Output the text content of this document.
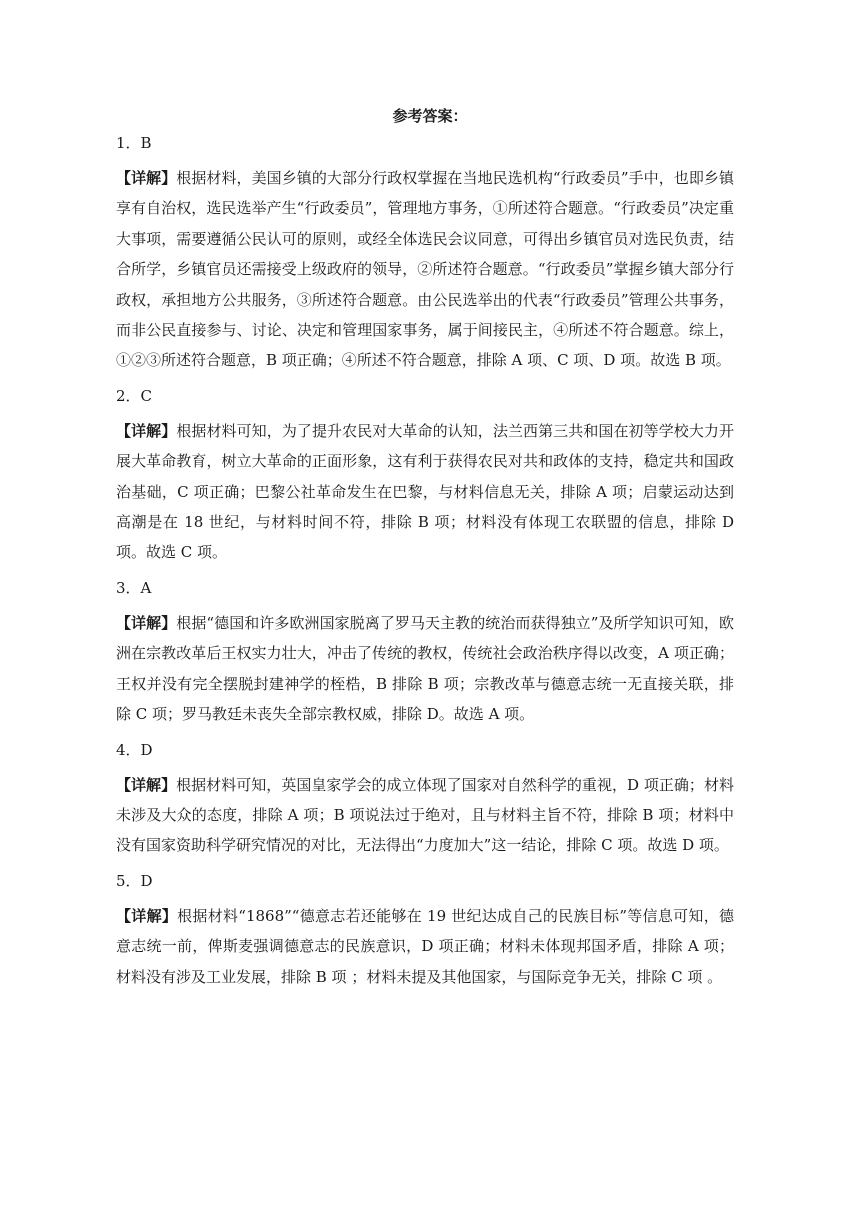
参考答案：
1．B

【详解】根据材料，美国乡镇的大部分行政权掌握在当地民选机构“行政委员”手中，也即乡镇享有自治权，选民选举产生“行政委员”，管理地方事务，①所述符合题意。“行政委员”决定重大事项，需要遵循公民认可的原则，或经全体选民会议同意，可得出乡镇官员对选民负责，结合所学，乡镇官员还需接受上级政府的领导，②所述符合题意。“行政委员”掌握乡镇大部分行政权，承担地方公共服务，③所述符合题意。由公民选举出的代表“行政委员”管理公共事务，而非公民直接参与、讨论、决定和管理国家事务，属于间接民主，④所述不符合题意。综上，①②③所述符合题意，B 项正确；④所述不符合题意，排除 A 项、C 项、D 项。故选 B 项。

2．C

【详解】根据材料可知，为了提升农民对大革命的认知，法兰西第三共和国在初等学校大力开展大革命教育，树立大革命的正面形象，这有利于获得农民对共和政体的支持，稳定共和国政治基础，C 项正确；巴黎公社革命发生在巴黎，与材料信息无关，排除 A 项；启蒙运动达到高潮是在 18 世纪，与材料时间不符，排除 B 项；材料没有体现工农联盟的信息，排除 D 项。故选 C 项。

3．A

【详解】根据“德国和许多欧洲国家脱离了罗马天主教的统治而获得独立”及所学知识可知，欧洲在宗教改革后王权实力壮大，冲击了传统的教权，传统社会政治秩序得以改变，A 项正确；王权并没有完全摆脱封建神学的桎梏，B 排除 B 项；宗教改革与德意志统一无直接关联，排除 C 项；罗马教廷未丧失全部宗教权威，排除 D。故选 A 项。

4．D

【详解】根据材料可知，英国皇家学会的成立体现了国家对自然科学的重视，D 项正确；材料未涉及大众的态度，排除 A 项；B 项说法过于绝对，且与材料主旨不符，排除 B 项；材料中没有国家资助科学研究情况的对比，无法得出“力度加大”这一结论，排除 C 项。故选 D 项。

5．D

【详解】根据材料“1868”“德意志若还能够在 19 世纪达成自己的民族目标”等信息可知，德意志统一前，俾斯麦强调德意志的民族意识，D 项正确；材料未体现邦国矛盾，排除 A 项；材料没有涉及工业发展，排除 B 项 ；材料未提及其他国家，与国际竞争无关，排除 C 项 。
